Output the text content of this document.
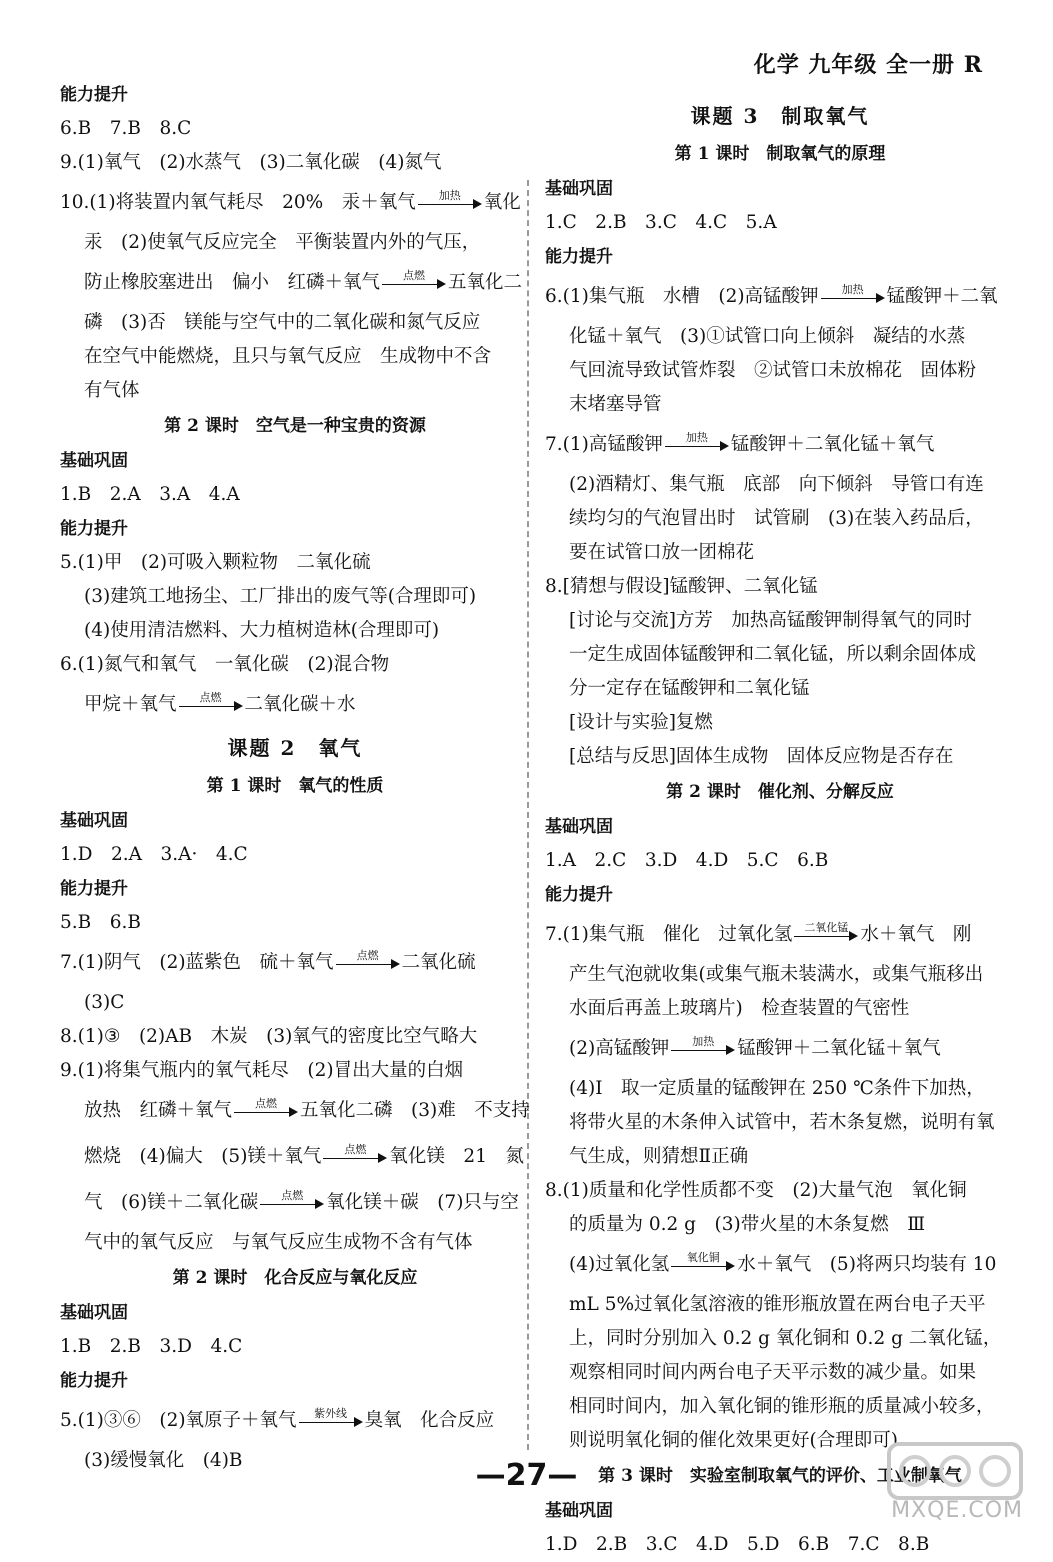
化学 九年级 全一册 R
能力提升
6.B　7.B　8.C
9.(1)氧气　(2)水蒸气　(3)二氧化碳　(4)氮气
10.(1)将装置内氧气耗尽　20%　汞＋氧气	加热	氧化
汞　(2)使氧气反应完全　平衡装置内外的气压，
防止橡胶塞进出　偏小　红磷＋氧气	点燃	五氧化二
磷　(3)否　镁能与空气中的二氧化碳和氮气反应
在空气中能燃烧，且只与氧气反应　生成物中不含
有气体
第 2 课时　空气是一种宝贵的资源
基础巩固
1.B　2.A　3.A　4.A
能力提升
5.(1)甲　(2)可吸入颗粒物　二氧化硫
(3)建筑工地扬尘、工厂排出的废气等(合理即可)
(4)使用清洁燃料、大力植树造林(合理即可)
6.(1)氮气和氧气　一氧化碳　(2)混合物
甲烷＋氧气	点燃	二氧化碳＋水
课题 2　氧气
第 1 课时　氧气的性质
基础巩固
1.D　2.A　3.A·　4.C
能力提升
5.B　6.B
7.(1)阴气　(2)蓝紫色　硫＋氧气	点燃	二氧化硫
(3)C
8.(1)③　(2)AB　木炭　(3)氧气的密度比空气略大
9.(1)将集气瓶内的氧气耗尽　(2)冒出大量的白烟
放热　红磷＋氧气	点燃	五氧化二磷　(3)难　不支持
燃烧　(4)偏大　(5)镁＋氧气	点燃	氧化镁　21　氮
气　(6)镁＋二氧化碳	点燃	氧化镁＋碳　(7)只与空
气中的氧气反应　与氧气反应生成物不含有气体
第 2 课时　化合反应与氧化反应
基础巩固
1.B　2.B　3.D　4.C
能力提升
5.(1)③⑥　(2)氧原子＋氧气	紫外线 臭氧　化合反应
(3)缓慢氧化　(4)B
课题 3　制取氧气
第 1 课时　制取氧气的原理
基础巩固
1.C　2.B　3.C　4.C　5.A
能力提升
6.(1)集气瓶　水槽　(2)高锰酸钾	加热	锰酸钾＋二氧
化锰＋氧气　(3)①试管口向上倾斜　凝结的水蒸
气回流导致试管炸裂　②试管口未放棉花　固体粉
末堵塞导管
7.(1)高锰酸钾	加热	锰酸钾＋二氧化锰＋氧气
(2)酒精灯、集气瓶　底部　向下倾斜　导管口有连
续均匀的气泡冒出时　试管刷　(3)在装入药品后，
要在试管口放一团棉花
8.[猜想与假设]锰酸钾、二氧化锰
[讨论与交流]方芳　加热高锰酸钾制得氧气的同时
一定生成固体锰酸钾和二氧化锰，所以剩余固体成
分一定存在锰酸钾和二氧化锰
[设计与实验]复燃
[总结与反思]固体生成物　固体反应物是否存在
第 2 课时　催化剂、分解反应
基础巩固
1.A　2.C　3.D　4.D　5.C　6.B
能力提升
7.(1)集气瓶　催化　过氧化氢	二氧化锰 水＋氧气　刚
产生气泡就收集(或集气瓶未装满水，或集气瓶移出
水面后再盖上玻璃片)　检查装置的气密性
(2)高锰酸钾	加热	锰酸钾＋二氧化锰＋氧气
(4)Ⅰ　取一定质量的锰酸钾在 250 ℃条件下加热，
将带火星的木条伸入试管中，若木条复燃，说明有氧
气生成，则猜想Ⅱ正确
8.(1)质量和化学性质都不变　(2)大量气泡　氧化铜
的质量为 0.2 g　(3)带火星的木条复燃　Ⅲ
(4)过氧化氢	氧化铜 水＋氧气　(5)将两只均装有 10
mL 5%过氧化氢溶液的锥形瓶放置在两台电子天平
上，同时分别加入 0.2 g 氧化铜和 0.2 g 二氧化锰，
观察相同时间内两台电子天平示数的减少量。如果
相同时间内，加入氧化铜的锥形瓶的质量减小较多，
则说明氧化铜的催化效果更好(合理即可)
第 3 课时　实验室制取氧气的评价、工业制氧气
基础巩固
1.D　2.B　3.C　4.D　5.D　6.B　7.C　8.B
—27—
MXQE.COM
